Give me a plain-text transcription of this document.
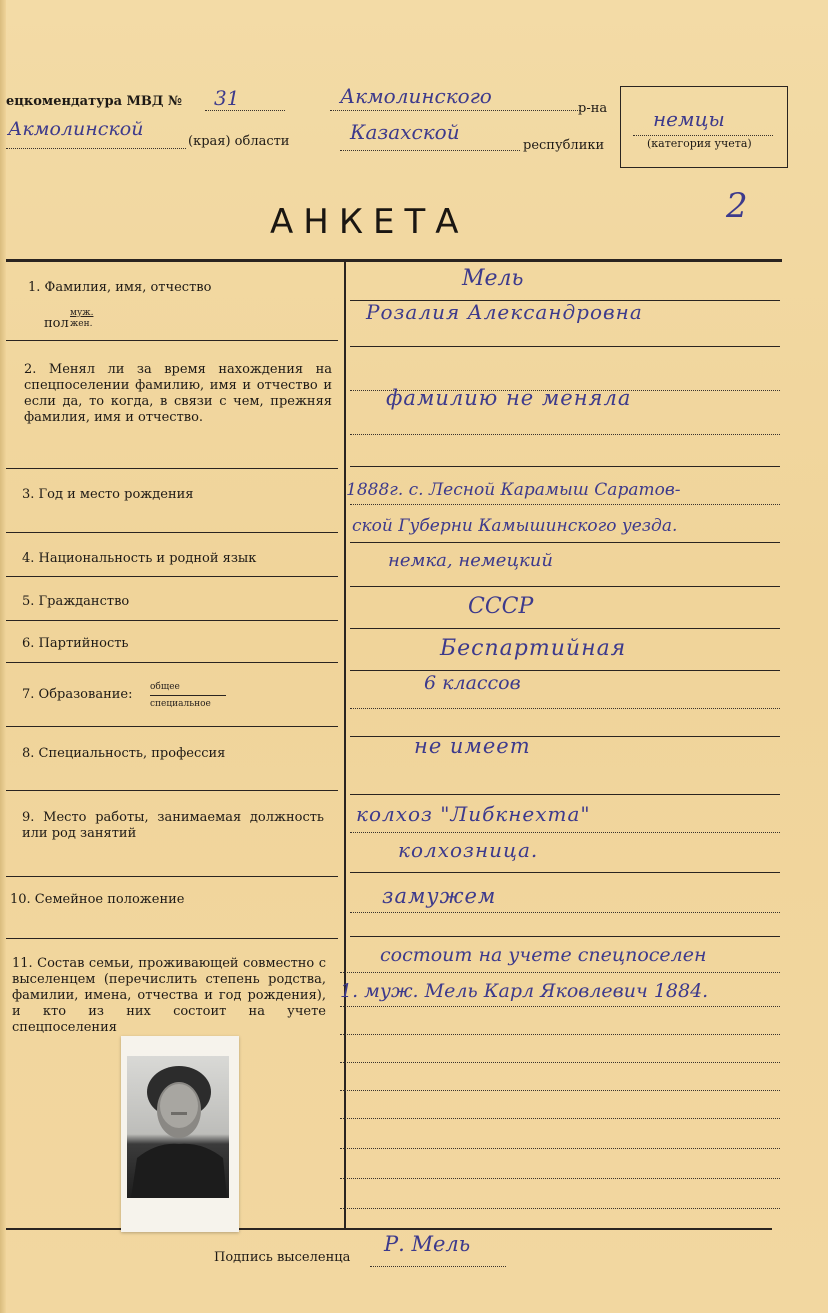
ецкомендатура МВД № 31	Акмолинского
р-на
Акмолинской
(края) области	Казахской
республики
немцы
(категория учета)
АНКЕТА	2
1. Фамилия, имя, отчество
пол
муж.
жен.
Мель
Розалия Александровна
2. Менял ли за время нахождения на спецпоселении фамилию, имя и отчество и если да, то когда, в связи с чем, прежняя фамилия, имя и отчество.
фамилию не меняла
3. Год и место рождения	1888г. с. Лесной Карамыш Саратов-
ской Губерни Камышинского уезда.
4. Национальность и родной язык	немка, немецкий
5. Гражданство	СССР
6. Партийность	Беспартийная
7. Образование:	общее
специальное
6 классов
8. Специальность, профессия	не имеет
9. Место работы, занимаемая должность или род занятий
колхоз "Либкнехта"
колхозница.
10. Семейное положение	замужем
11. Состав семьи, проживающей совместно с выселенцем (перечислить степень родства, фамилии, имена, отчества и год рождения), и кто из них состоит на учете спецпоселения
состоит на учете спецпоселен
1. муж. Мель Карл Яковлевич 1884.
Подпись выселенца
Р. Мель
